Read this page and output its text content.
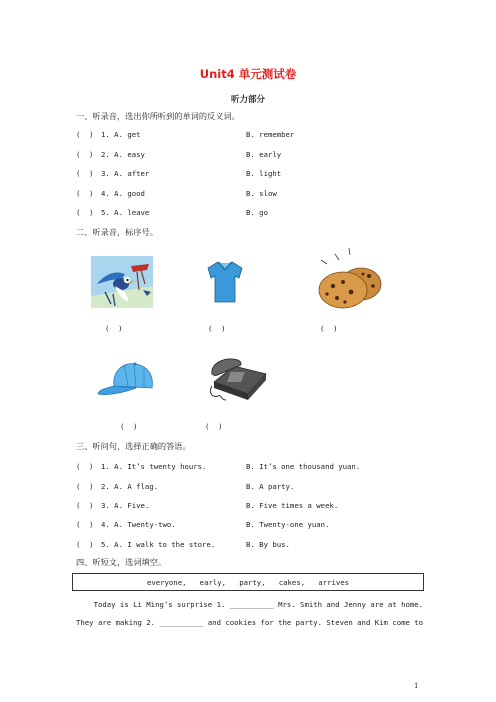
Unit4 单元测试卷
听力部分
一、听录音，选出你所听到的单词的反义词。

(  )

1. A. get

	B. remember

(  )

2. A. easy

	B. early

(  )

3. A. after

	B. light

(  )

4. A. good

	B. slow

(  )

5. A. leave

	B. go

二、听录音，标序号。
(  )	(  )	(  )
(  )	(  )
三、听问句，选择正确的答语。

(  )

1. A. It’s twenty hours.

	B. It’s one thousand yuan.

(  )

2. A. A flag.

	B. A party.

(  )

3. A. Five.

	B. Five times a week.

(  )

4. A. Twenty-two.

	B. Twenty-one yuan.

(  )

5. A. I walk to the store.

	B. By bus.

四、听短文，选词填空。
everyone,   early,   party,   cakes,   arrives
Today is Li Ming’s surprise 1. __________ Mrs. Smith and Jenny are at home.
They are making 2. __________ and cookies for the party. Steven and Kim come to
1
